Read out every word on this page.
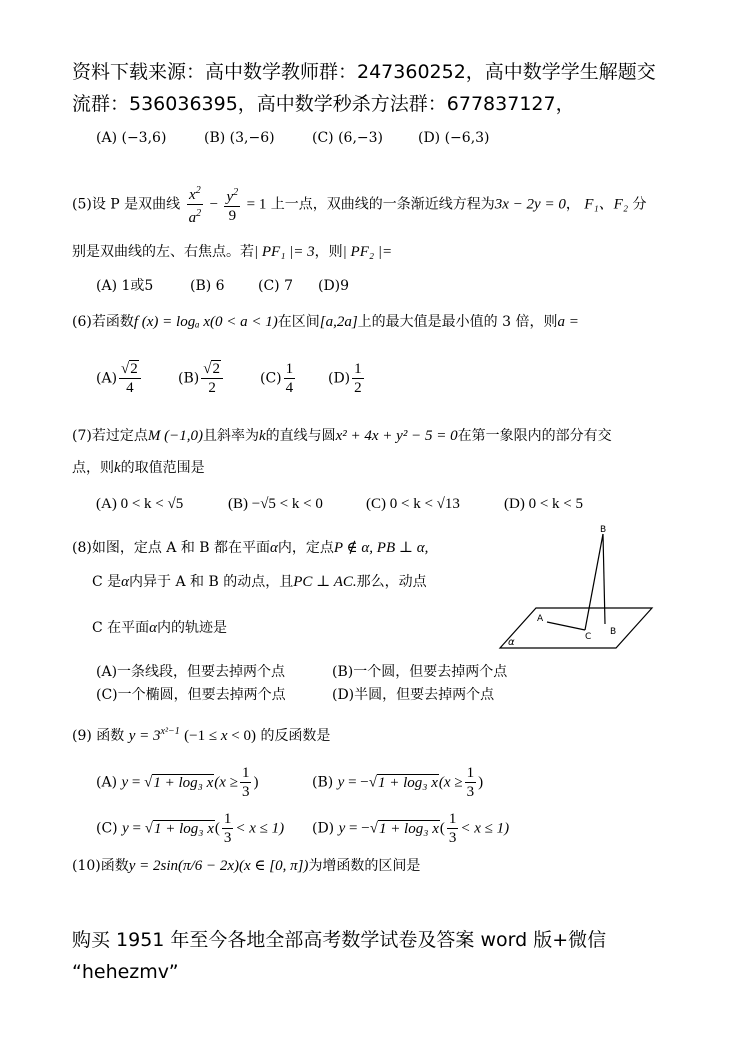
资料下载来源：高中数学教师群：247360252，高中数学学生解题交
流群：536036395，高中数学秒杀方法群：677837127，
(A) (−3,6)	(B) (3,−6)	(C) (6,−3) (D) (−6,3)
(5)设 P 是双曲线 $\frac{x^2}{a^2} - \frac{y^2}{9} = 1$ 上一点，双曲线的一条渐近线方程为3x − 2y = 0， F₁、F₂ 分
别是双曲线的左、右焦点。若| PF₁ |= 3，则| PF₂ |=
(A) 1或5	(B) 6 (C) 7 (D)9
(6)若函数f (x) = logₐ x(0 < a < 1)在区间[a,2a]上的最大值是最小值的 3 倍，则a =
$(A) \frac{√2}{4}$	$(B) \frac{√2}{2}$	$(C) \frac{1}{4} (D) \frac{1}{2}$
(7)若过定点M (−1,0)且斜率为k的直线与圆x² + 4x + y² − 5 = 0在第一象限内的部分有交
点，则k的取值范围是
(A) 0 < k < √5	(B) −√5 < k < 0	(C) 0 < k < √13	(D) 0 < k < 5
(8)如图，定点 A 和 B 都在平面α内，定点P ∉ α, PB ⊥ α,
C 是α内异于 A 和 B 的动点，且PC ⊥ AC.那么，动点
C 在平面α内的轨迹是
B
A
C B
α
(A)一条线段，但要去掉两个点	(B)一个圆，但要去掉两个点
(C)一个椭圆，但要去掉两个点	(D)半圆，但要去掉两个点
(9) 函数 $y = 3^{x^2-1}$ (−1 ≤ x < 0) 的反函数是
(A) y = √1 + log₃ $x(x \ge \frac{1}{3}$ )	(B) y = −√1 + log₃ $x(x \ge \frac{1}{3}$ )
(C) y = √1 + log₃ $x( \frac{1}{3} < x \le 1)$ (D) y = −√1 + log₃ $x( \frac{1}{3} < x \le 1)$
(10)函数y = 2sin(π/6 − 2x)(x ∈ [0, π])为增函数的区间是
购买 1951 年至今各地全部高考数学试卷及答案 word 版+微信
“hehezmv”
